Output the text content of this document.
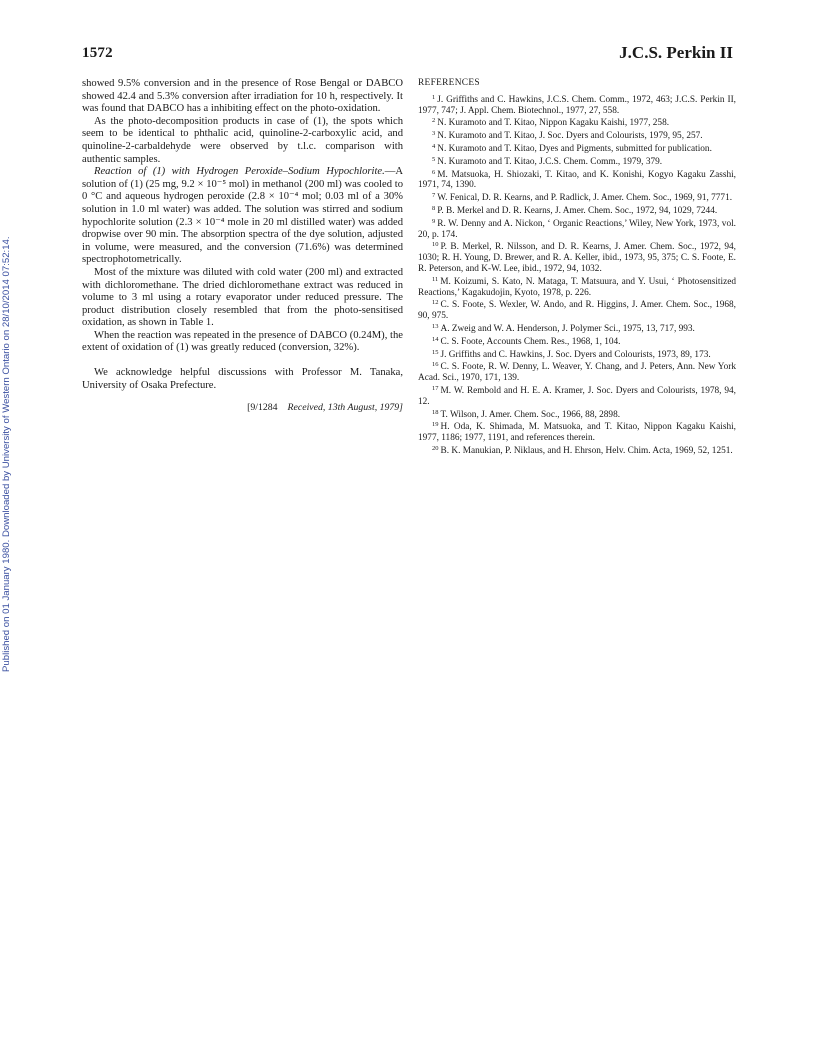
1572	J.C.S. Perkin II
Published on 01 January 1980. Downloaded by University of Western Ontario on 28/10/2014 07:52:14.

showed 9.5% conversion and in the presence of Rose Bengal or DABCO showed 42.4 and 5.3% conversion after irradiation for 10 h, respectively. It was found that DABCO has a inhibiting effect on the photo-oxidation.

As the photo-decomposition products in case of (1), the spots which seem to be identical to phthalic acid, quinoline-2-carboxylic acid, and quinoline-2-carbaldehyde were observed by t.l.c. comparison with authentic samples.

Reaction of (1) with Hydrogen Peroxide–Sodium Hypochlorite.—A solution of (1) (25 mg, 9.2 × 10⁻⁵ mol) in methanol (200 ml) was cooled to 0 °C and aqueous hydrogen peroxide (2.8 × 10⁻⁴ mol; 0.03 ml of a 30% solution in 1.0 ml water) was added. The solution was stirred and sodium hypochlorite solution (2.3 × 10⁻⁴ mole in 20 ml distilled water) was added dropwise over 90 min. The absorption spectra of the dye solution, adjusted in volume, were measured, and the conversion (71.6%) was determined spectrophotometrically.

Most of the mixture was diluted with cold water (200 ml) and extracted with dichloromethane. The dried dichloromethane extract was reduced in volume to 3 ml using a rotary evaporator under reduced pressure. The product distribution closely resembled that from the photo-sensitised oxidation, as shown in Table 1.

When the reaction was repeated in the presence of DABCO (0.24M), the extent of oxidation of (1) was greatly reduced (conversion, 32%).

We acknowledge helpful discussions with Professor M. Tanaka, University of Osaka Prefecture.

[9/1284 Received, 13th August, 1979]
REFERENCES

$^1$ J. Griffiths and C. Hawkins, J.C.S. Chem. Comm., 1972, 463; J.C.S. Perkin II, 1977, 747; J. Appl. Chem. Biotechnol., 1977, 27, 558.

$^2$ N. Kuramoto and T. Kitao, Nippon Kagaku Kaishi, 1977, 258.

$^3$ N. Kuramoto and T. Kitao, J. Soc. Dyers and Colourists, 1979, 95, 257.

$^4$ N. Kuramoto and T. Kitao, Dyes and Pigments, submitted for publication.

$^5$ N. Kuramoto and T. Kitao, J.C.S. Chem. Comm., 1979, 379.

$^6$ M. Matsuoka, H. Shiozaki, T. Kitao, and K. Konishi, Kogyo Kagaku Zasshi, 1971, 74, 1390.

$^7$ W. Fenical, D. R. Kearns, and P. Radlick, J. Amer. Chem. Soc., 1969, 91, 7771.

$^8$ P. B. Merkel and D. R. Kearns, J. Amer. Chem. Soc., 1972, 94, 1029, 7244.

$^9$ R. W. Denny and A. Nickon, ‘ Organic Reactions,’ Wiley, New York, 1973, vol. 20, p. 174.

$^{10}$ P. B. Merkel, R. Nilsson, and D. R. Kearns, J. Amer. Chem. Soc., 1972, 94, 1030; R. H. Young, D. Brewer, and R. A. Keller, ibid., 1973, 95, 375; C. S. Foote, E. R. Peterson, and K-W. Lee, ibid., 1972, 94, 1032.

$^{11}$ M. Koizumi, S. Kato, N. Mataga, T. Matsuura, and Y. Usui, ‘ Photosensitized Reactions,’ Kagakudojin, Kyoto, 1978, p. 226.

$^{12}$ C. S. Foote, S. Wexler, W. Ando, and R. Higgins, J. Amer. Chem. Soc., 1968, 90, 975.

$^{13}$ A. Zweig and W. A. Henderson, J. Polymer Sci., 1975, 13, 717, 993.

$^{14}$ C. S. Foote, Accounts Chem. Res., 1968, 1, 104.

$^{15}$ J. Griffiths and C. Hawkins, J. Soc. Dyers and Colourists, 1973, 89, 173.

$^{16}$ C. S. Foote, R. W. Denny, L. Weaver, Y. Chang, and J. Peters, Ann. New York Acad. Sci., 1970, 171, 139.

$^{17}$ M. W. Rembold and H. E. A. Kramer, J. Soc. Dyers and Colourists, 1978, 94, 12.

$^{18}$ T. Wilson, J. Amer. Chem. Soc., 1966, 88, 2898.

$^{19}$ H. Oda, K. Shimada, M. Matsuoka, and T. Kitao, Nippon Kagaku Kaishi, 1977, 1186; 1977, 1191, and references therein.

$^{20}$ B. K. Manukian, P. Niklaus, and H. Ehrson, Helv. Chim. Acta, 1969, 52, 1251.
